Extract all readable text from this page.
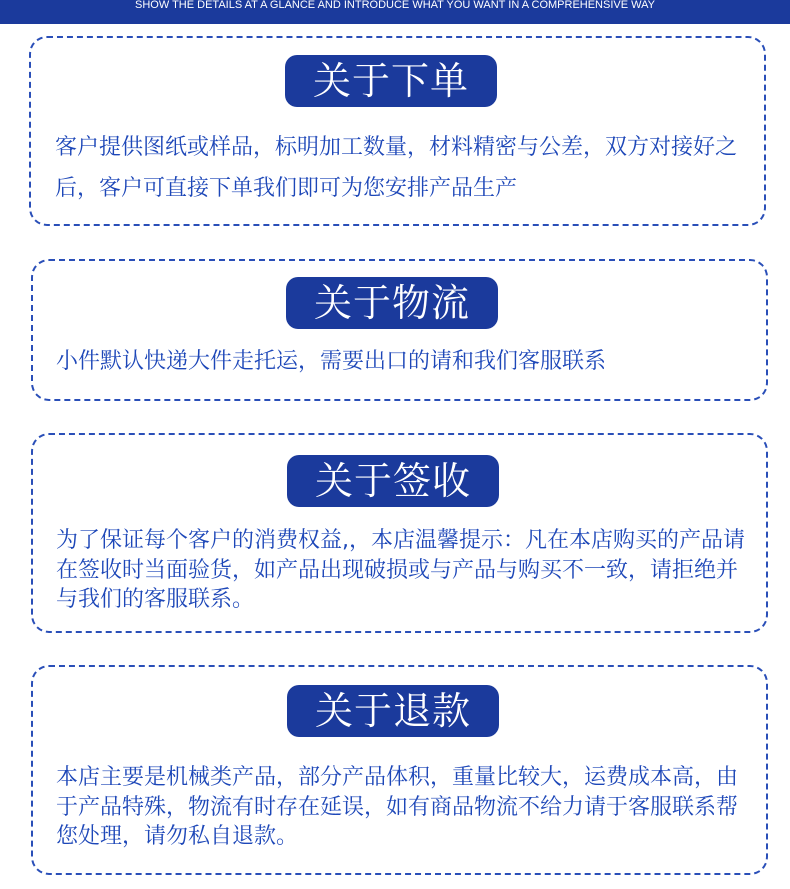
SHOW THE DETAILS AT A GLANCE AND INTRODUCE WHAT YOU WANT IN A COMPREHENSIVE WAY
关于下单

客户提供图纸或样品，标明加工数量，材料精密与公差，双方对接好之后，客户可直接下单我们即可为您安排产品生产

关于物流

小件默认快递大件走托运，需要出口的请和我们客服联系

关于签收

为了保证每个客户的消费权益,，本店温馨提示：凡在本店购买的产品请在签收时当面验货，如产品出现破损或与产品与购买不一致，请拒绝并与我们的客服联系。

关于退款

本店主要是机械类产品，部分产品体积，重量比较大，运费成本高，由于产品特殊，物流有时存在延误，如有商品物流不给力请于客服联系帮您处理，请勿私自退款。
